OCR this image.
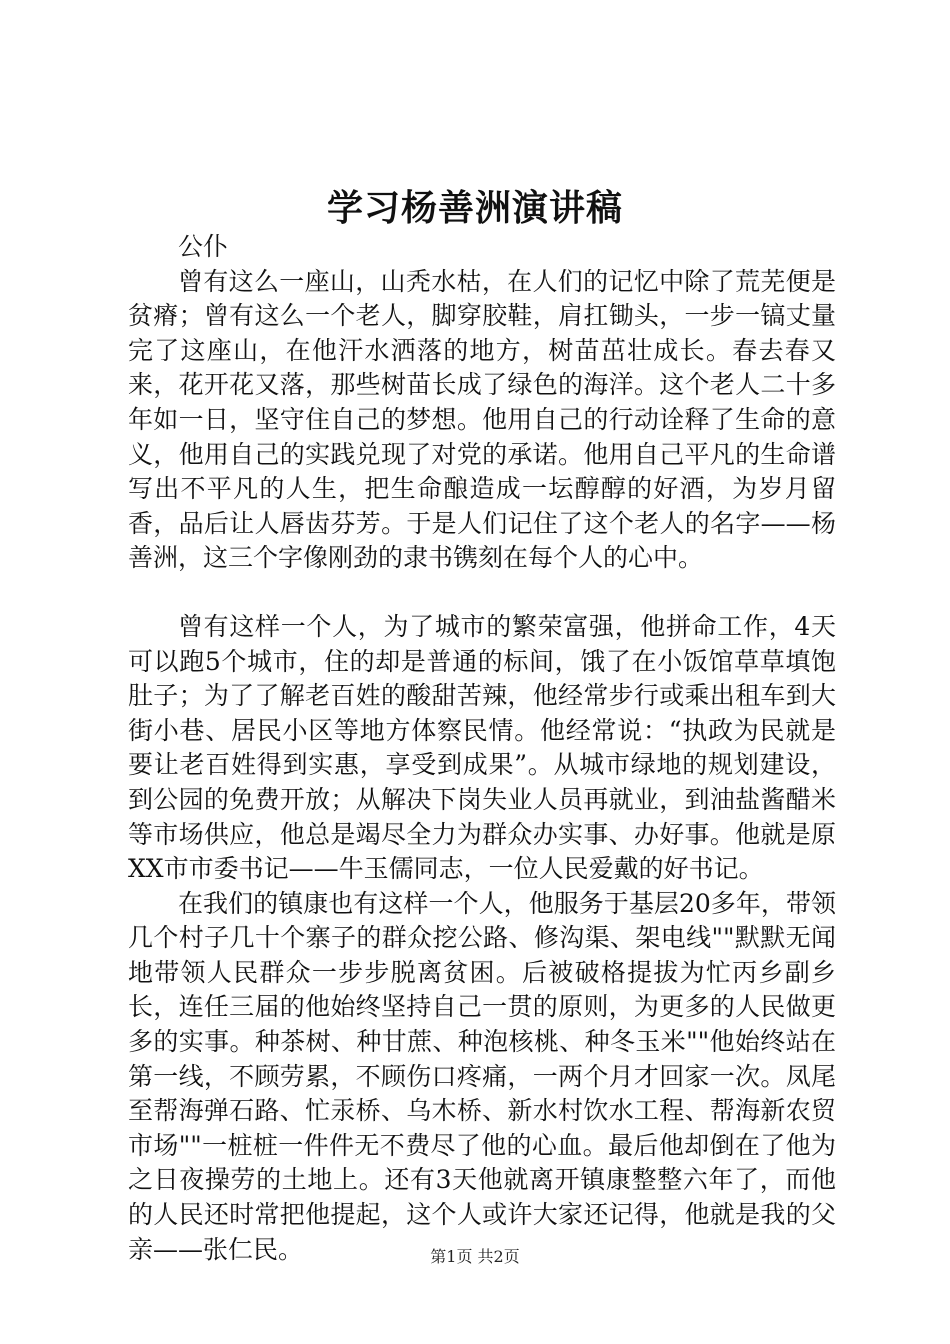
学习杨善洲演讲稿

公仆

曾有这么一座山，山秃水枯，在人们的记忆中除了荒芜便是贫瘠；曾有这么一个老人，脚穿胶鞋，肩扛锄头，一步一镐丈量完了这座山，在他汗水洒落的地方，树苗茁壮成长。春去春又来，花开花又落，那些树苗长成了绿色的海洋。这个老人二十多年如一日，坚守住自己的梦想。他用自己的行动诠释了生命的意义，他用自己的实践兑现了对党的承诺。他用自己平凡的生命谱写出不平凡的人生，把生命酿造成一坛醇醇的好酒，为岁月留香，品后让人唇齿芬芳。于是人们记住了这个老人的名字——杨善洲，这三个字像刚劲的隶书镌刻在每个人的心中。

曾有这样一个人，为了城市的繁荣富强，他拼命工作，4天可以跑5个城市，住的却是普通的标间，饿了在小饭馆草草填饱肚子；为了了解老百姓的酸甜苦辣，他经常步行或乘出租车到大街小巷、居民小区等地方体察民情。他经常说：“执政为民就是要让老百姓得到实惠，享受到成果”。从城市绿地的规划建设，到公园的免费开放；从解决下岗失业人员再就业，到油盐酱醋米等市场供应，他总是竭尽全力为群众办实事、办好事。他就是原XX市市委书记——牛玉儒同志，一位人民爱戴的好书记。

在我们的镇康也有这样一个人，他服务于基层20多年，带领几个村子几十个寨子的群众挖公路、修沟渠、架电线""默默无闻地带领人民群众一步步脱离贫困。后被破格提拔为忙丙乡副乡长，连任三届的他始终坚持自己一贯的原则，为更多的人民做更多的实事。种茶树、种甘蔗、种泡核桃、种冬玉米""他始终站在第一线，不顾劳累，不顾伤口疼痛，一两个月才回家一次。凤尾至帮海弹石路、忙汞桥、乌木桥、新水村饮水工程、帮海新农贸市场""一桩桩一件件无不费尽了他的心血。最后他却倒在了他为之日夜操劳的土地上。还有3天他就离开镇康整整六年了，而他的人民还时常把他提起，这个人或许大家还记得，他就是我的父亲——张仁民。	第1页 共2页
